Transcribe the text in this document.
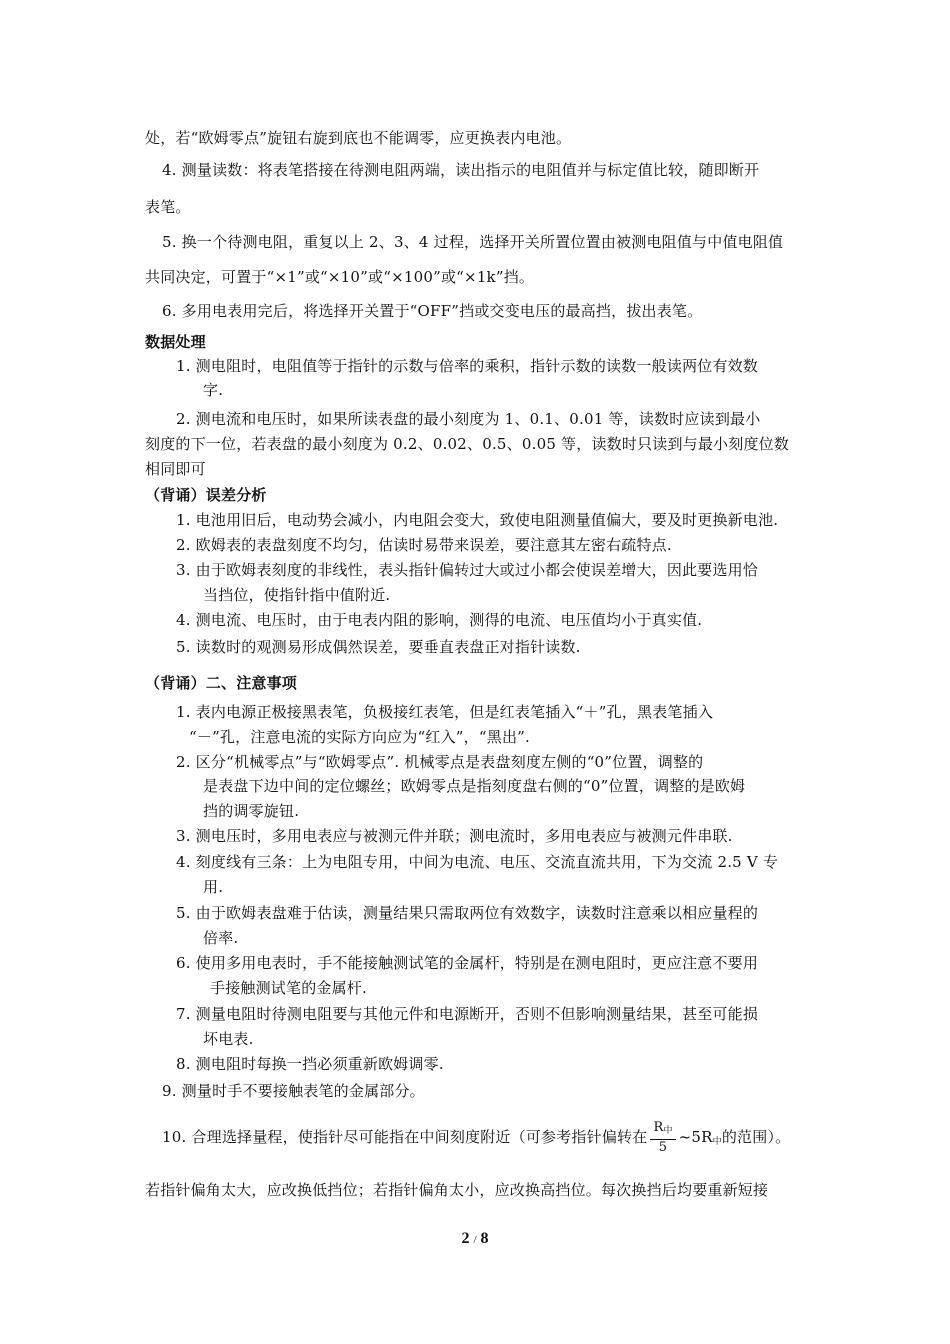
处，若“欧姆零点”旋钮右旋到底也不能调零，应更换表内电池。
4. 测量读数：将表笔搭接在待测电阻两端，读出指示的电阻值并与标定值比较，随即断开
表笔。
5. 换一个待测电阻，重复以上 2、3、4 过程，选择开关所置位置由被测电阻值与中值电阻值
共同决定，可置于“×1”或“×10”或“×100”或“×1k”挡。
6. 多用电表用完后，将选择开关置于“OFF”挡或交变电压的最高挡，拔出表笔。
数据处理
1. 测电阻时，电阻值等于指针的示数与倍率的乘积，指针示数的读数一般读两位有效数
字.
2. 测电流和电压时，如果所读表盘的最小刻度为 1、0.1、0.01 等，读数时应读到最小
刻度的下一位，若表盘的最小刻度为 0.2、0.02、0.5、0.05 等，读数时只读到与最小刻度位数
相同即可
（背诵）误差分析
1. 电池用旧后，电动势会减小，内电阻会变大，致使电阻测量值偏大，要及时更换新电池.
2. 欧姆表的表盘刻度不均匀，估读时易带来误差，要注意其左密右疏特点.
3. 由于欧姆表刻度的非线性，表头指针偏转过大或过小都会使误差增大，因此要选用恰
当挡位，使指针指中值附近.
4. 测电流、电压时，由于电表内阻的影响，测得的电流、电压值均小于真实值.
5. 读数时的观测易形成偶然误差，要垂直表盘正对指针读数.
（背诵）二、注意事项
1. 表内电源正极接黑表笔，负极接红表笔，但是红表笔插入“＋”孔，黑表笔插入
“－”孔，注意电流的实际方向应为“红入”，“黑出”.
2. 区分“机械零点”与“欧姆零点”. 机械零点是表盘刻度左侧的“0”位置，调整的
是表盘下边中间的定位螺丝；欧姆零点是指刻度盘右侧的“0”位置，调整的是欧姆
挡的调零旋钮.
3. 测电压时，多用电表应与被测元件并联；测电流时，多用电表应与被测元件串联.
4. 刻度线有三条：上为电阻专用，中间为电流、电压、交流直流共用，下为交流 2.5 V 专
用.
5. 由于欧姆表盘难于估读，测量结果只需取两位有效数字，读数时注意乘以相应量程的
倍率.
6. 使用多用电表时，手不能接触测试笔的金属杆，特别是在测电阻时，更应注意不要用
手接触测试笔的金属杆.
7. 测量电阻时待测电阻要与其他元件和电源断开，否则不但影响测量结果，甚至可能损
坏电表.
8. 测电阻时每换一挡必须重新欧姆调零.
9. 测量时手不要接触表笔的金属部分。
10. 合理选择量程，使指针尽可能指在中间刻度附近（可参考指针偏转在 $\frac{R_中}{5}$ $\sim 5R_中$的范围）。
若指针偏角太大，应改换低挡位；若指针偏角太小，应改换高挡位。每次换挡后均要重新短接
2 / 8
